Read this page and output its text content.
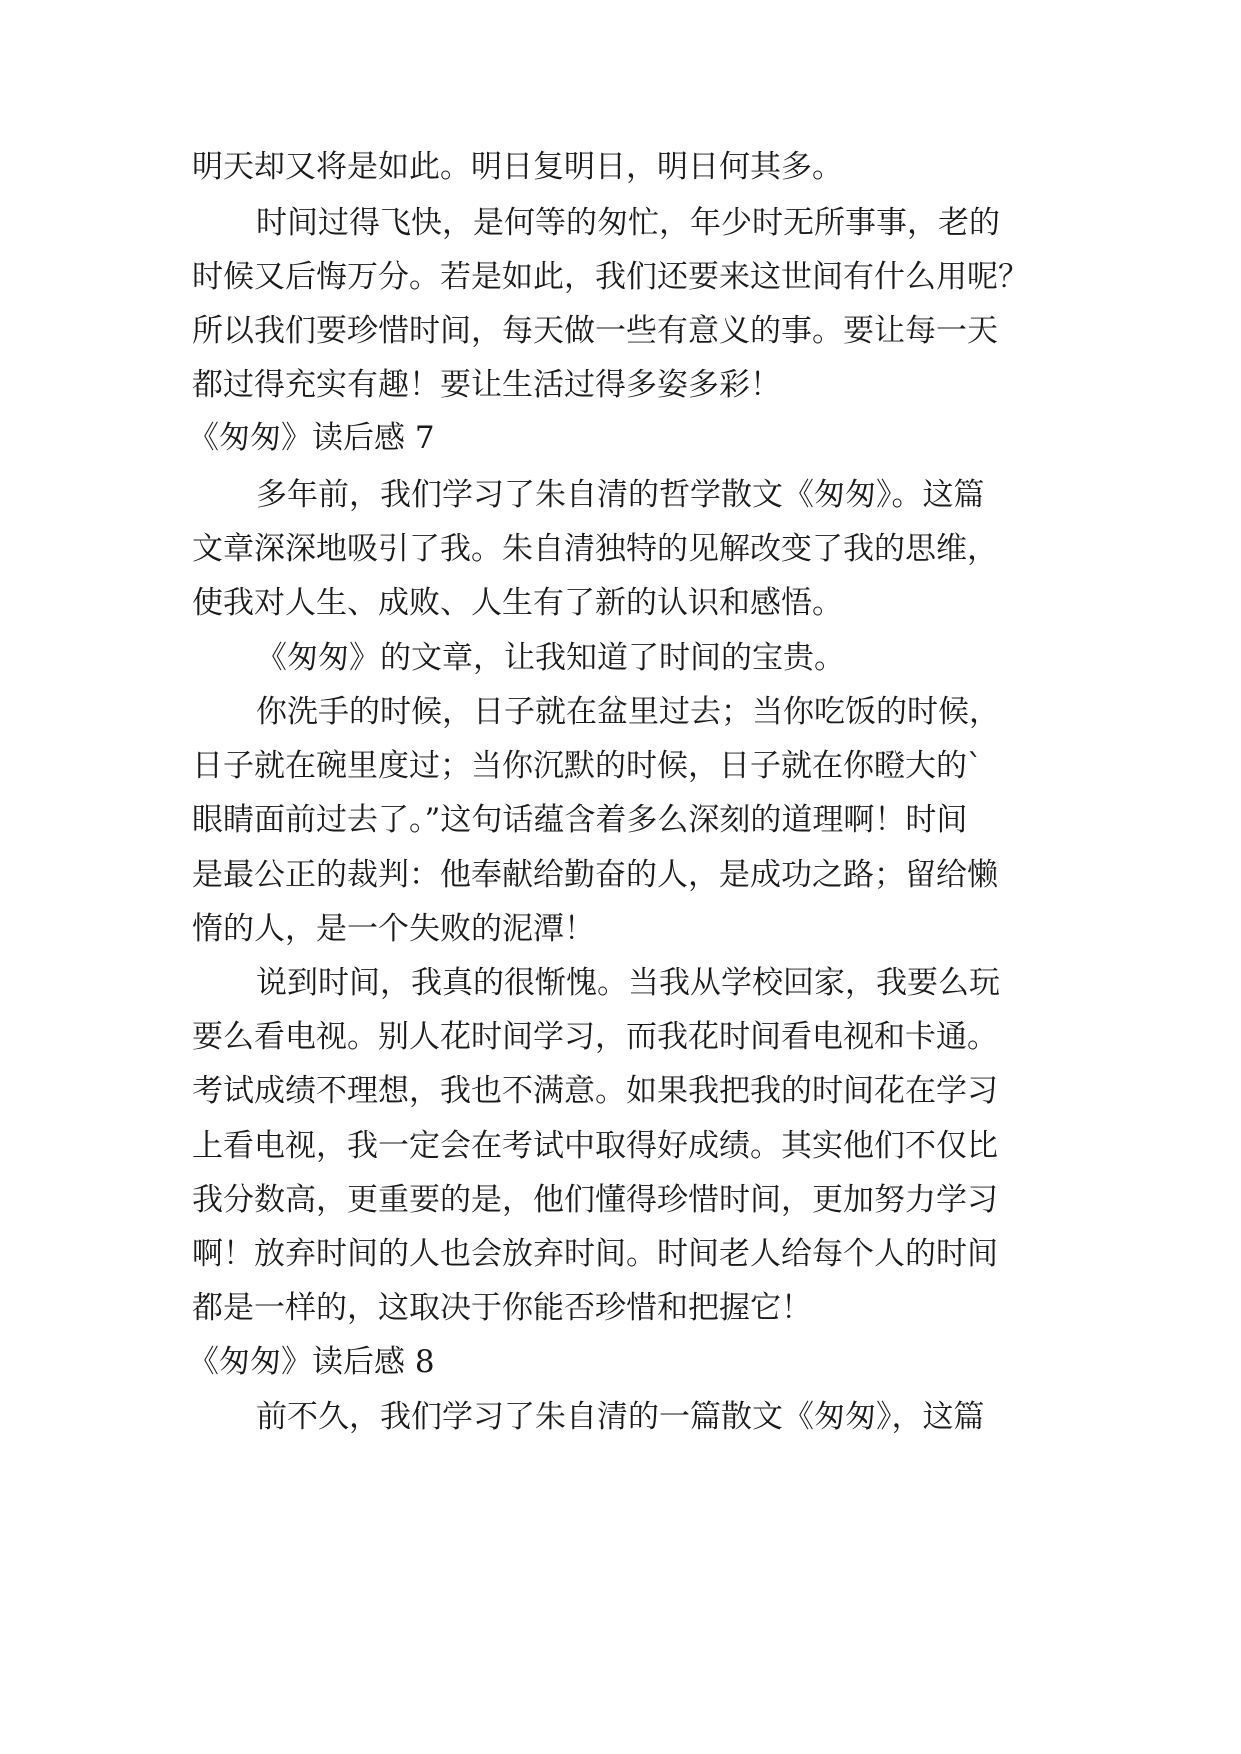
明天却又将是如此。明日复明日，明日何其多。
时间过得飞快，是何等的匆忙，年少时无所事事，老的
时候又后悔万分。若是如此，我们还要来这世间有什么用呢？
所以我们要珍惜时间，每天做一些有意义的事。要让每一天
都过得充实有趣！要让生活过得多姿多彩！
《匆匆》读后感 7
多年前，我们学习了朱自清的哲学散文《匆匆》。这篇
文章深深地吸引了我。朱自清独特的见解改变了我的思维，
使我对人生、成败、人生有了新的认识和感悟。
《匆匆》的文章，让我知道了时间的宝贵。
你洗手的时候，日子就在盆里过去；当你吃饭的时候，
日子就在碗里度过；当你沉默的时候，日子就在你瞪大的`
眼睛面前过去了。”这句话蕴含着多么深刻的道理啊！时间
是最公正的裁判：他奉献给勤奋的人，是成功之路；留给懒
惰的人，是一个失败的泥潭！
说到时间，我真的很惭愧。当我从学校回家，我要么玩
要么看电视。别人花时间学习，而我花时间看电视和卡通。
考试成绩不理想，我也不满意。如果我把我的时间花在学习
上看电视，我一定会在考试中取得好成绩。其实他们不仅比
我分数高，更重要的是，他们懂得珍惜时间，更加努力学习
啊！放弃时间的人也会放弃时间。时间老人给每个人的时间
都是一样的，这取决于你能否珍惜和把握它！
《匆匆》读后感 8
前不久，我们学习了朱自清的一篇散文《匆匆》，这篇
